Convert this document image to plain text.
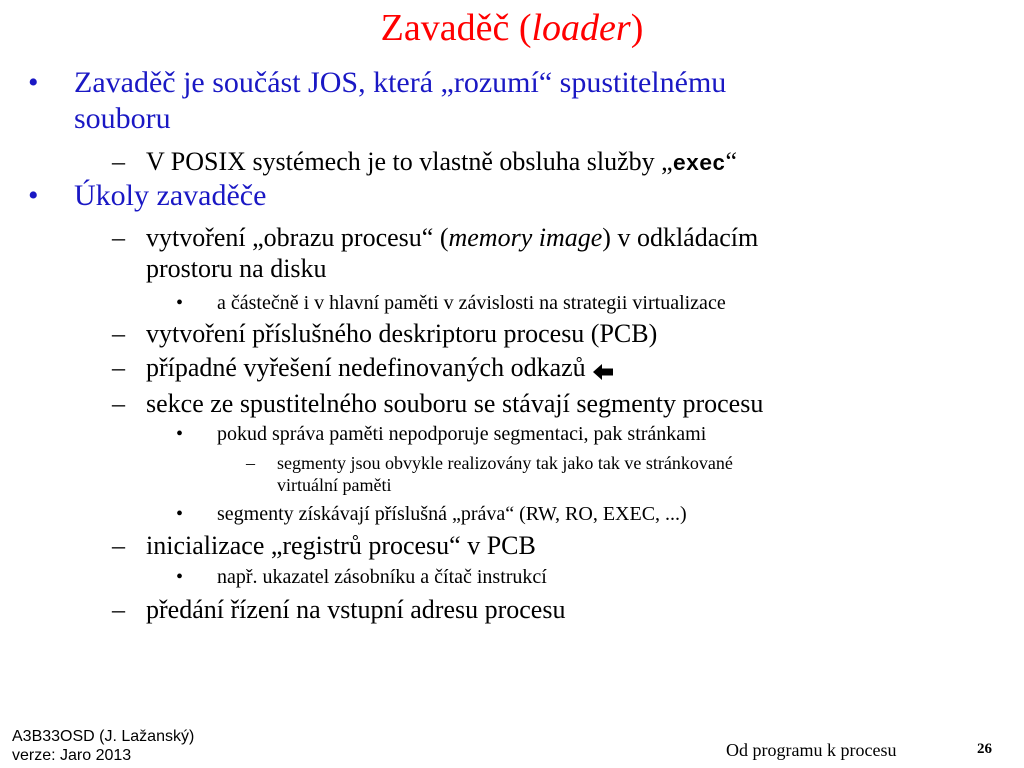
Zavaděč (loader)
• Zavaděč je součást JOS, která „rozumí“ spustitelnému
souboru
– V POSIX systémech je to vlastně obsluha služby „exec“
• Úkoly zavaděče
– vytvoření „obrazu procesu“ (memory image) v odkládacím
prostoru na disku
• a částečně i v hlavní paměti v závislosti na strategii virtualizace
– vytvoření příslušného deskriptoru procesu (PCB)
– případné vyřešení nedefinovaných odkazů
– sekce ze spustitelného souboru se stávají segmenty procesu
• pokud správa paměti nepodporuje segmentaci, pak stránkami
– segmenty jsou obvykle realizovány tak jako tak ve stránkované
virtuální paměti
• segmenty získávají příslušná „práva“ (RW, RO, EXEC, ...)
– inicializace „registrů procesu“ v PCB
• např. ukazatel zásobníku a čítač instrukcí
– předání řízení na vstupní adresu procesu
A3B33OSD (J. Lažanský)
verze: Jaro 2013	Od programu k procesu	26
